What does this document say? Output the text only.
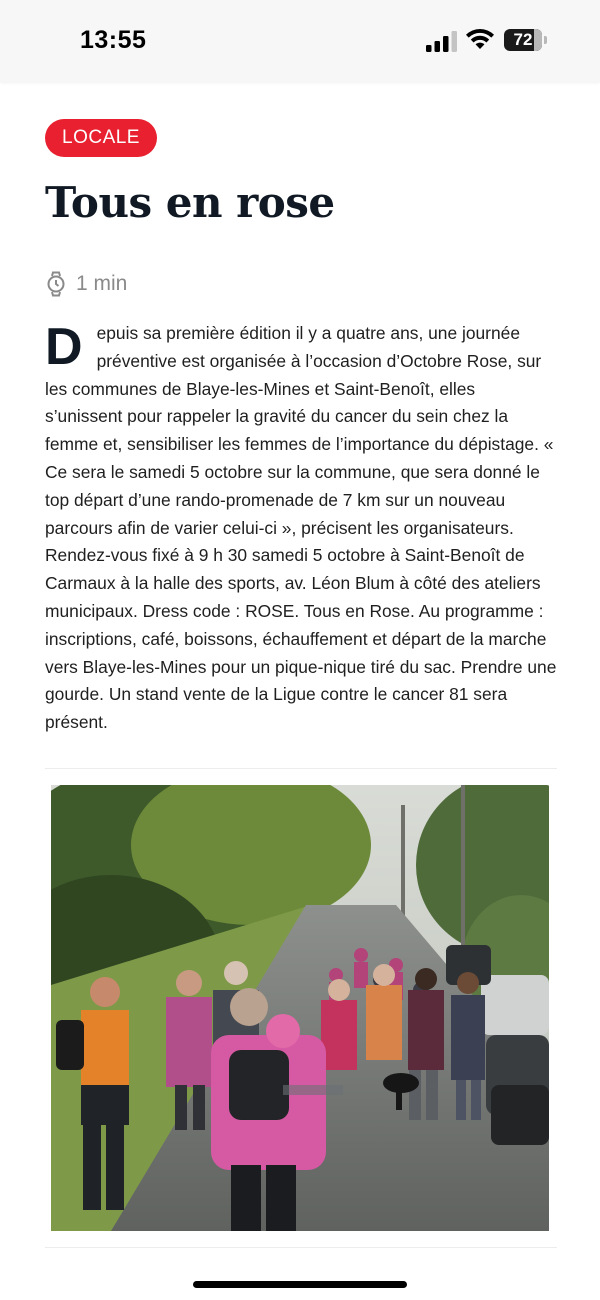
13:55	72
LOCALE
Tous en rose
1 min
D epuis sa première édition il y a quatre ans, une journée préventive est organisée à l’occasion d’Octobre Rose, sur les communes de Blaye-les-Mines et Saint-Benoît, elles s’unissent pour rappeler la gravité du cancer du sein chez la femme et, sensibiliser les femmes de l’importance du dépistage. « Ce sera le samedi 5 octobre sur la commune, que sera donné le top départ d’une rando-promenade de 7 km sur un nouveau parcours afin de varier celui-ci », précisent les organisateurs. Rendez-vous fixé à 9 h 30 samedi 5 octobre à Saint-Benoît de Carmaux à la halle des sports, av. Léon Blum à côté des ateliers municipaux. Dress code : ROSE. Tous en Rose. Au programme : inscriptions, café, boissons, échauffement et départ de la marche vers Blaye-les-Mines pour un pique-nique tiré du sac. Prendre une gourde. Un stand vente de la Ligue contre le cancer 81 sera présent.
